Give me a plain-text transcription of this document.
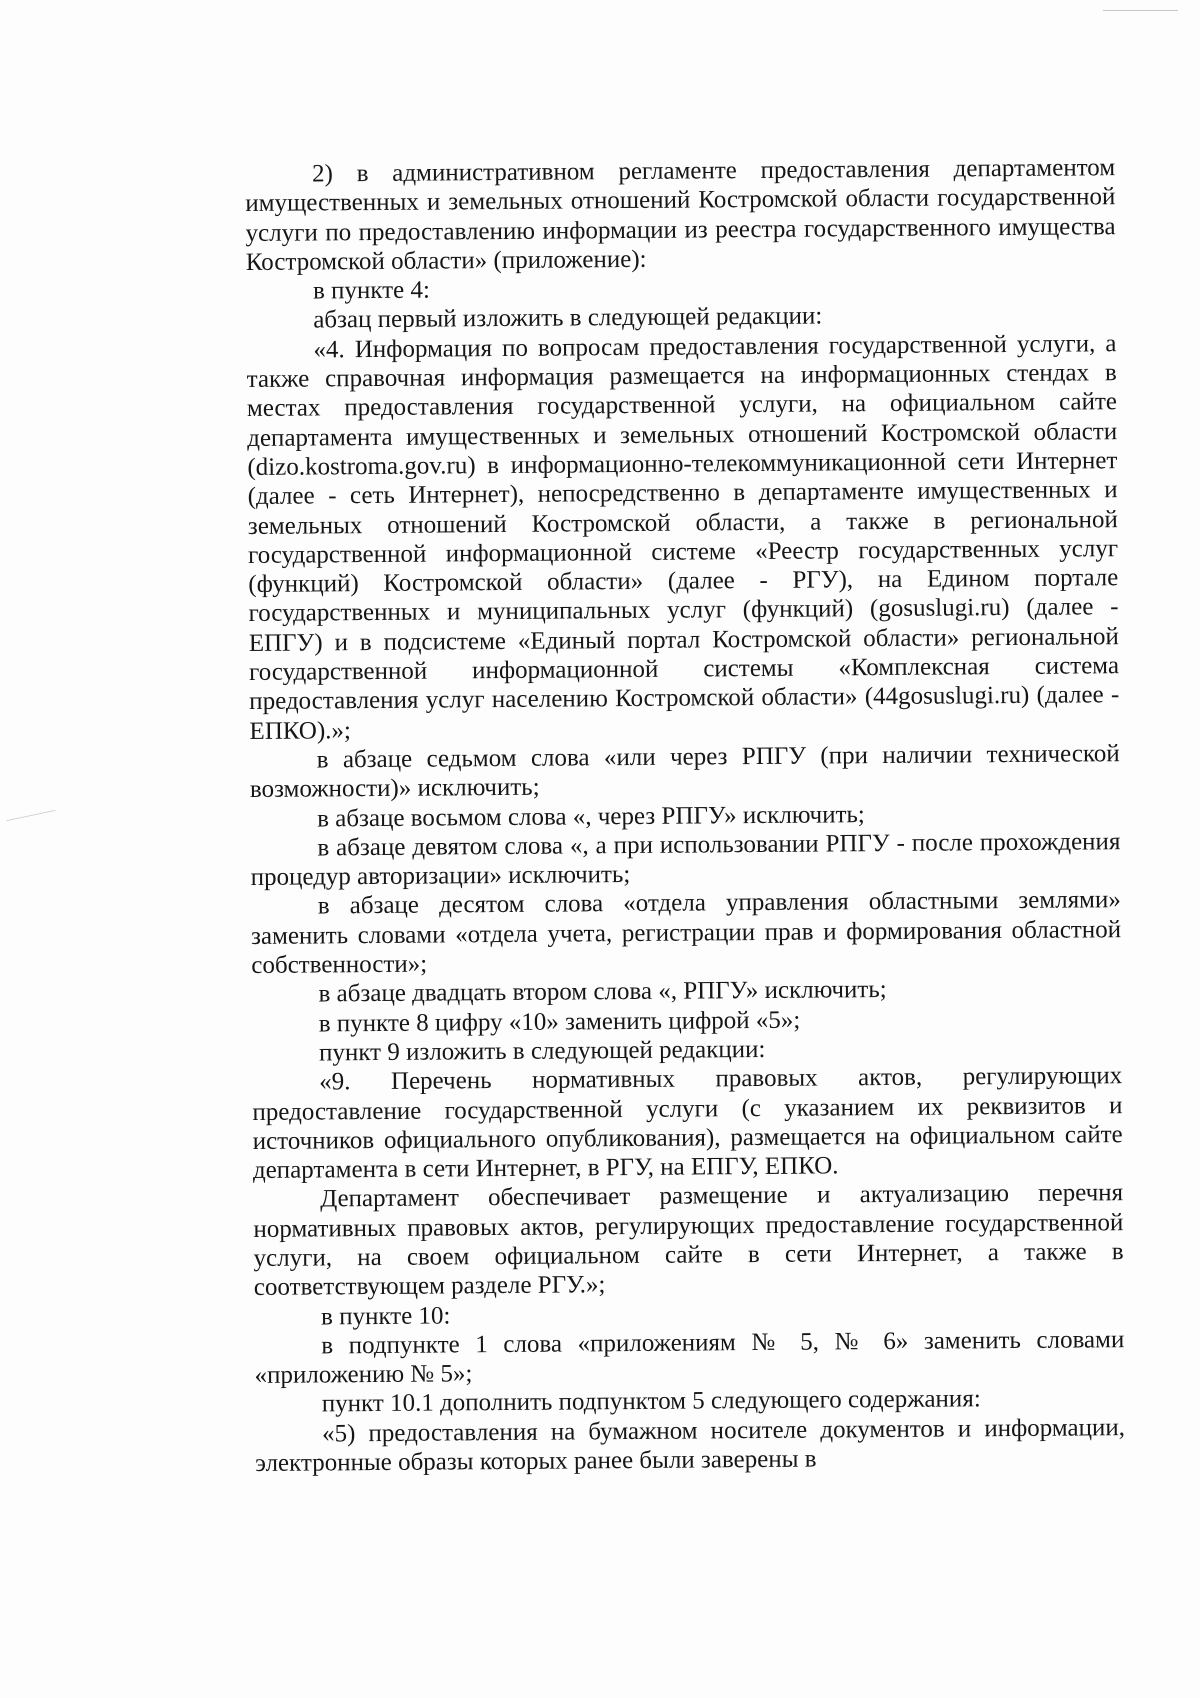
2) в административном регламенте предоставления департаментом имущественных и земельных отношений Костромской области государственной услуги по предоставлению информации из реестра государственного имущества Костромской области» (приложение):

в пункте 4:

абзац первый изложить в следующей редакции:

«4. Информация по вопросам предоставления государственной услуги, а также справочная информация размещается на информационных стендах в местах предоставления государственной услуги, на официальном сайте департамента имущественных и земельных отношений Костромской области (dizo.kostroma.gov.ru) в информационно-телекоммуникационной сети Интернет (далее - сеть Интернет), непосредственно в департаменте имущественных и земельных отношений Костромской области, а также в региональной государственной информационной системе «Реестр государственных услуг (функций) Костромской области» (далее - РГУ), на Едином портале государственных и муниципальных услуг (функций) (gosuslugi.ru) (далее - ЕПГУ) и в подсистеме «Единый портал Костромской области» региональной государственной информационной системы «Комплексная система предоставления услуг населению Костромской области» (44gosuslugi.ru) (далее - ЕПКО).»;

в абзаце седьмом слова «или через РПГУ (при наличии технической возможности)» исключить;

в абзаце восьмом слова «, через РПГУ» исключить;

в абзаце девятом слова «, а при использовании РПГУ - после прохождения процедур авторизации» исключить;

в абзаце десятом слова «отдела управления областными землями» заменить словами «отдела учета, регистрации прав и формирования областной собственности»;

в абзаце двадцать втором слова «, РПГУ» исключить;

в пункте 8 цифру «10» заменить цифрой «5»;

пункт 9 изложить в следующей редакции:

«9. Перечень нормативных правовых актов, регулирующих предоставление государственной услуги (с указанием их реквизитов и источников официального опубликования), размещается на официальном сайте департамента в сети Интернет, в РГУ, на ЕПГУ, ЕПКО.

Департамент обеспечивает размещение и актуализацию перечня нормативных правовых актов, регулирующих предоставление государственной услуги, на своем официальном сайте в сети Интернет, а также в соответствующем разделе РГУ.»;

в пункте 10:

в подпункте 1 слова «приложениям № 5, № 6» заменить словами «приложению № 5»;

пункт 10.1 дополнить подпунктом 5 следующего содержания:

«5) предоставления на бумажном носителе документов и информации, электронные образы которых ранее были заверены в
